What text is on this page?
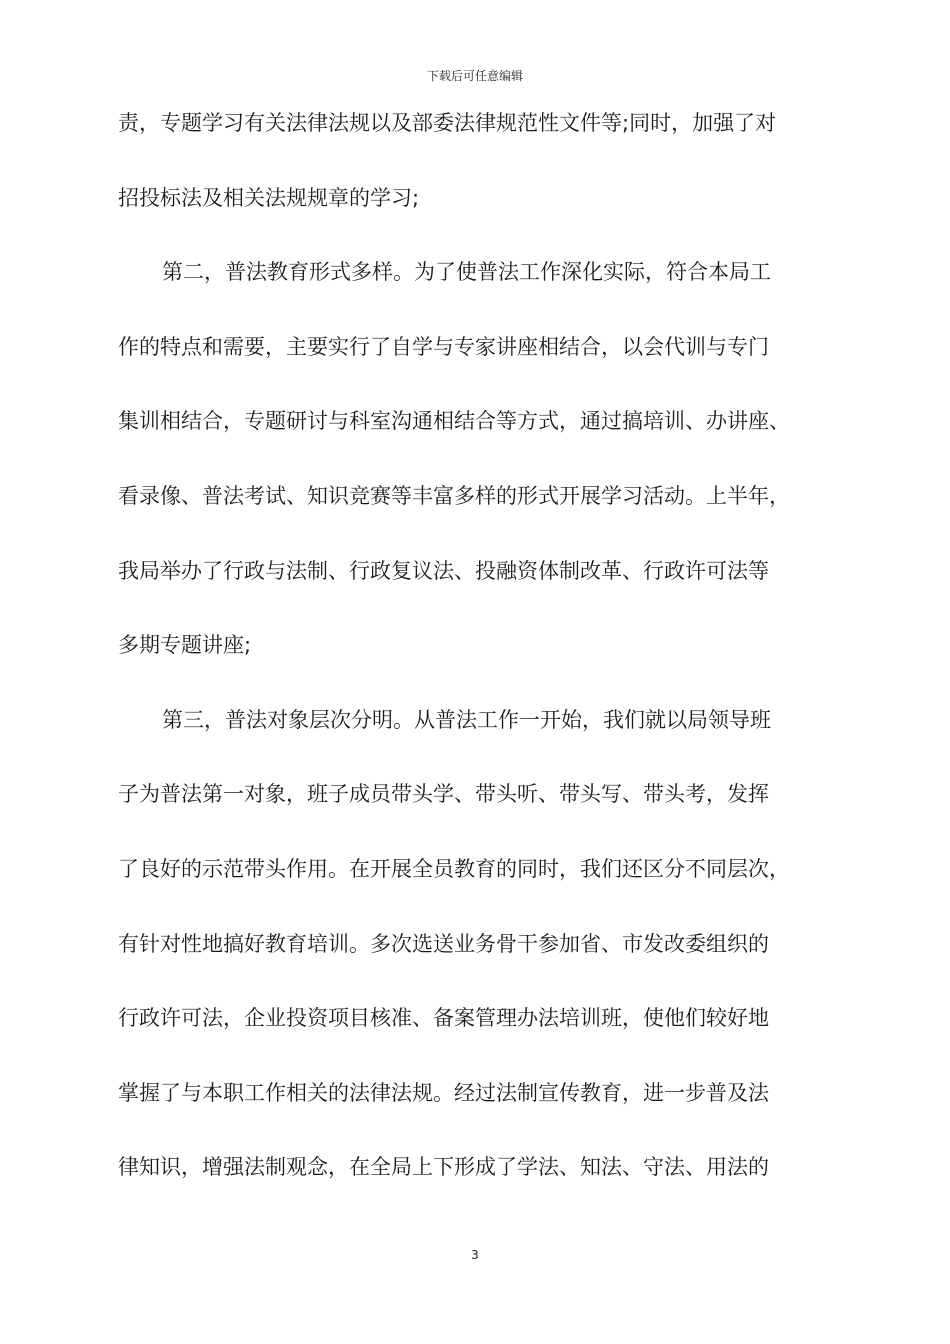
下载后可任意编辑
责，专题学习有关法律法规以及部委法律规范性文件等;同时，加强了对
招投标法及相关法规规章的学习;
第二，普法教育形式多样。为了使普法工作深化实际，符合本局工
作的特点和需要，主要实行了自学与专家讲座相结合，以会代训与专门
集训相结合，专题研讨与科室沟通相结合等方式，通过搞培训、办讲座、
看录像、普法考试、知识竞赛等丰富多样的形式开展学习活动。上半年，
我局举办了行政与法制、行政复议法、投融资体制改革、行政许可法等
多期专题讲座;
第三，普法对象层次分明。从普法工作一开始，我们就以局领导班
子为普法第一对象，班子成员带头学、带头听、带头写、带头考，发挥
了良好的示范带头作用。在开展全员教育的同时，我们还区分不同层次，
有针对性地搞好教育培训。多次选送业务骨干参加省、市发改委组织的
行政许可法，企业投资项目核准、备案管理办法培训班，使他们较好地
掌握了与本职工作相关的法律法规。经过法制宣传教育，进一步普及法
律知识，增强法制观念，在全局上下形成了学法、知法、守法、用法的
3
